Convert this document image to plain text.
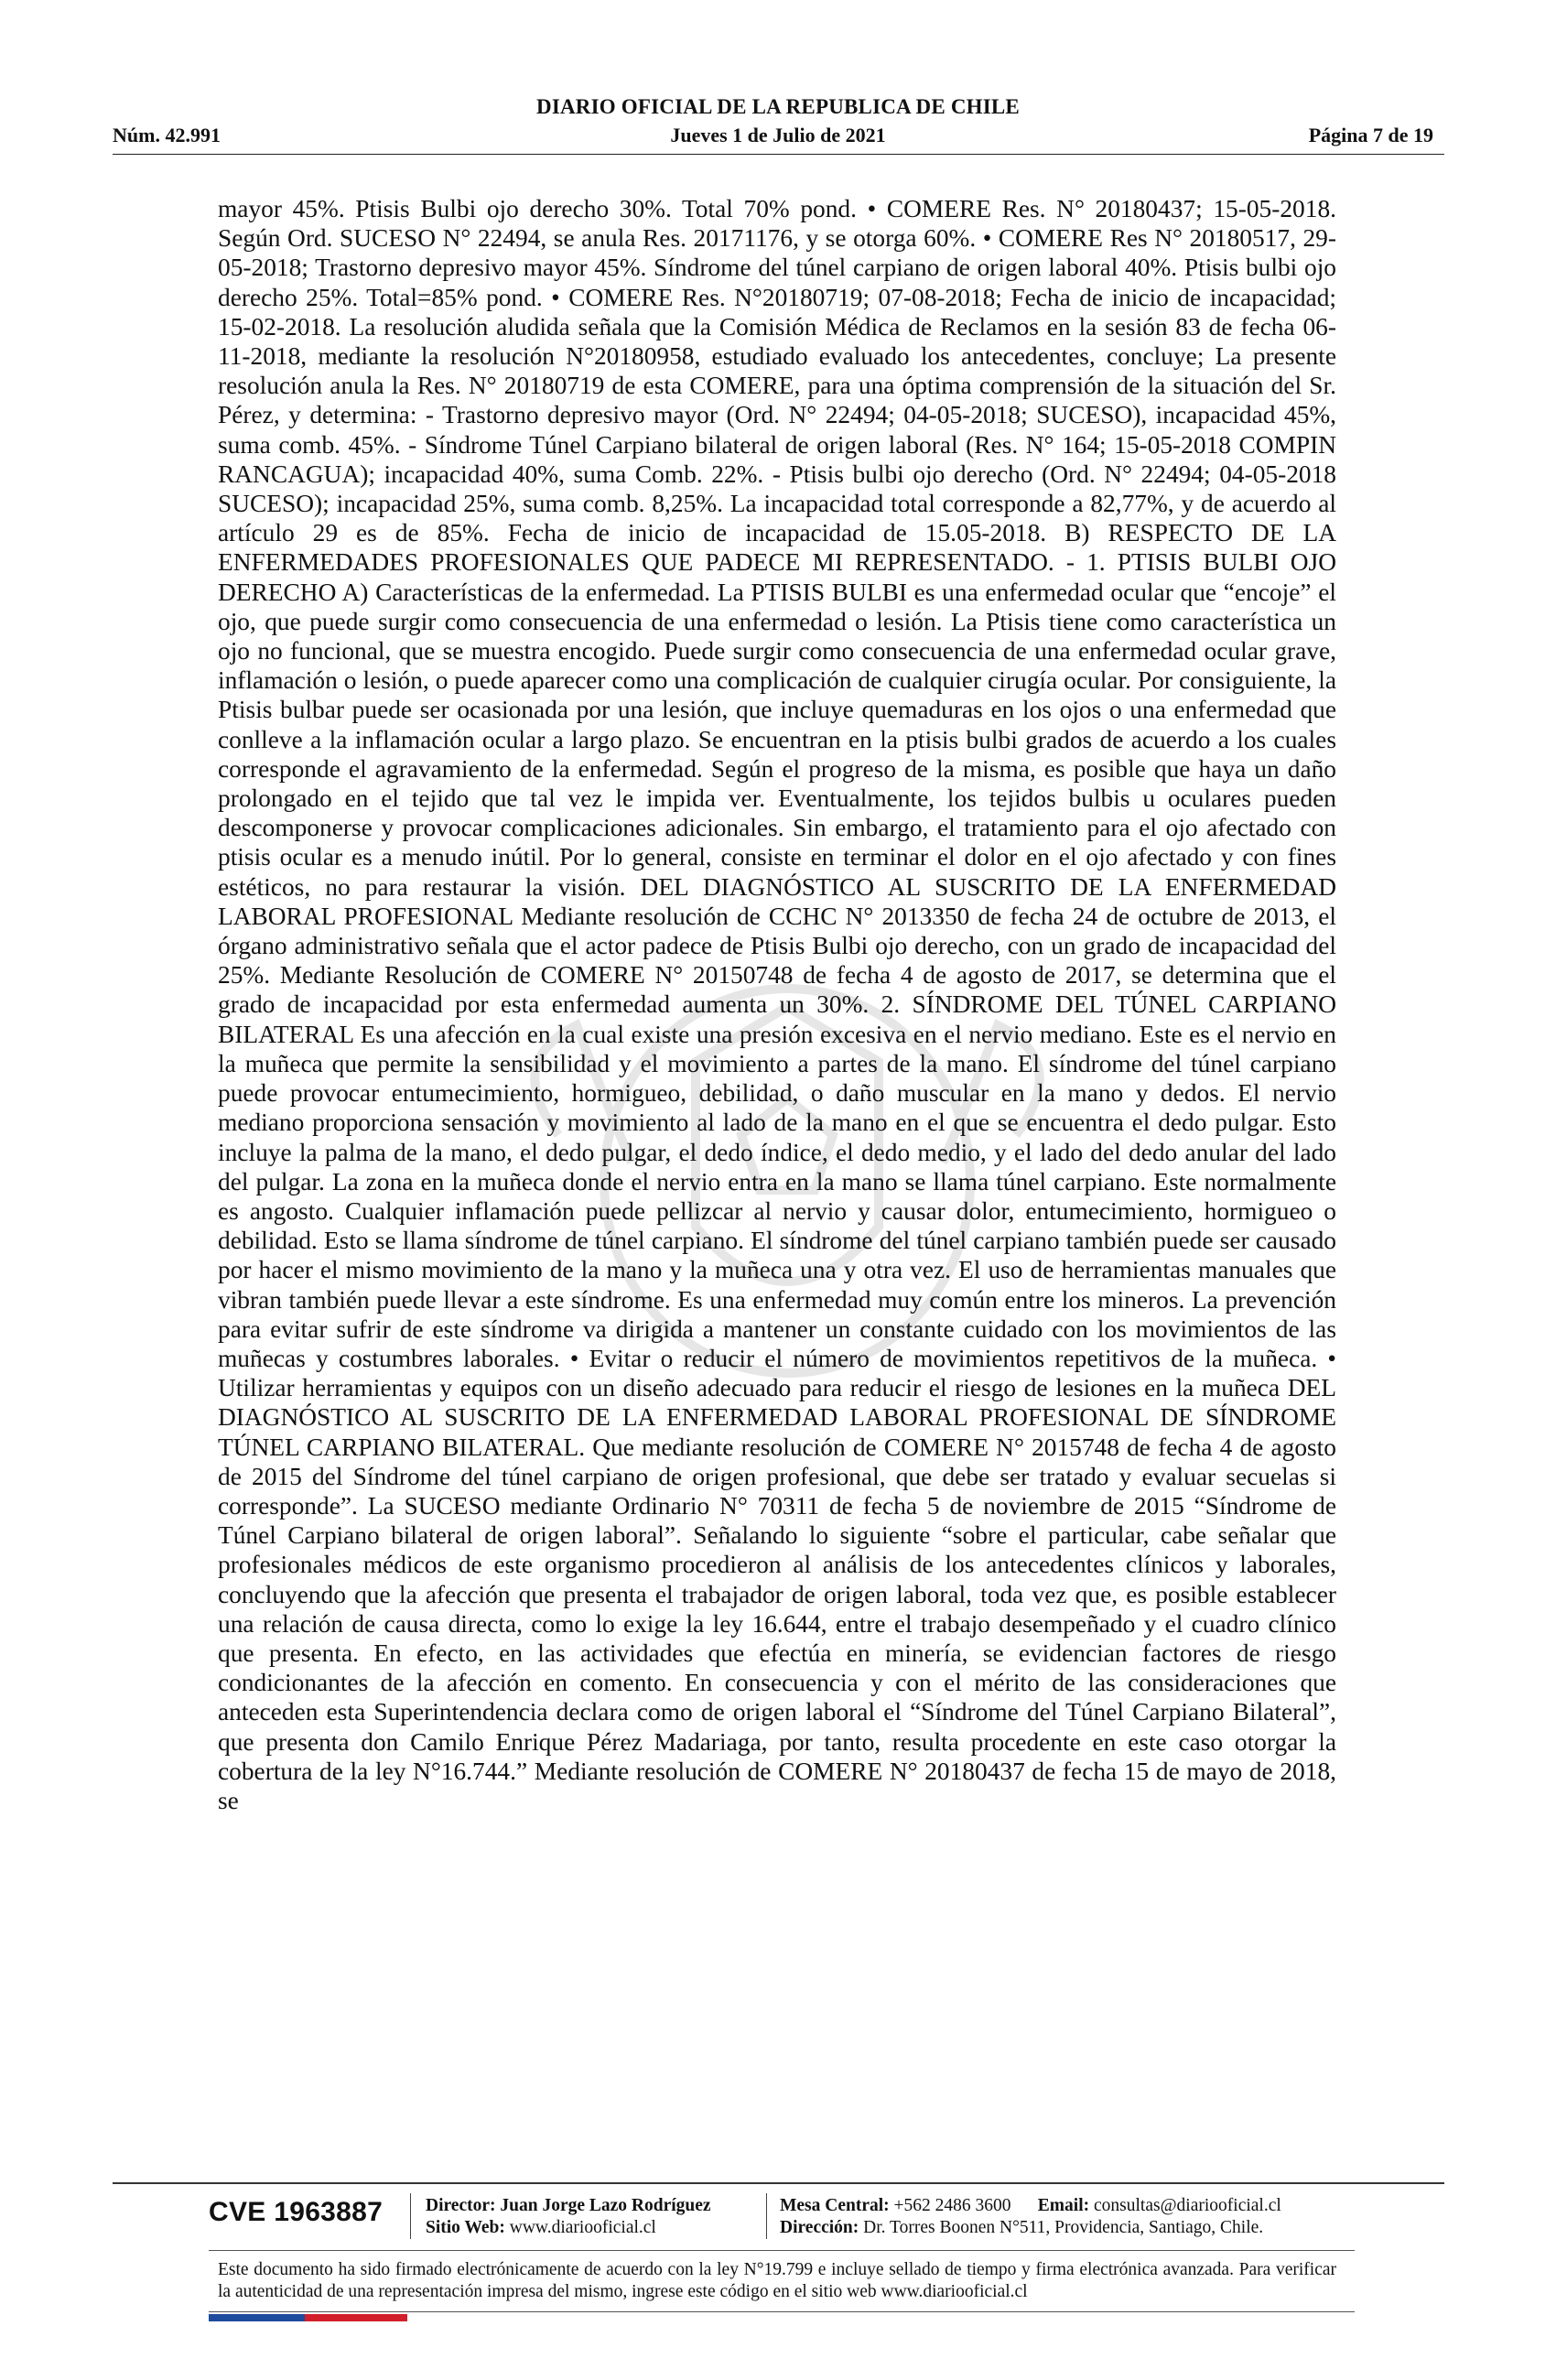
DIARIO OFICIAL DE LA REPUBLICA DE CHILE
Núm. 42.991	Jueves 1 de Julio de 2021	Página 7 de 19

mayor 45%. Ptisis Bulbi ojo derecho 30%. Total 70% pond. • COMERE Res. N° 20180437; 15-05-2018. Según Ord. SUCESO N° 22494, se anula Res. 20171176, y se otorga 60%. • COMERE Res N° 20180517, 29-05-2018; Trastorno depresivo mayor 45%. Síndrome del túnel carpiano de origen laboral 40%. Ptisis bulbi ojo derecho 25%. Total=85% pond. • COMERE Res. N°20180719; 07-08-2018; Fecha de inicio de incapacidad; 15-02-2018. La resolución aludida señala que la Comisión Médica de Reclamos en la sesión 83 de fecha 06-11-2018, mediante la resolución N°20180958, estudiado evaluado los antecedentes, concluye; La presente resolución anula la Res. N° 20180719 de esta COMERE, para una óptima comprensión de la situación del Sr. Pérez, y determina: - Trastorno depresivo mayor (Ord. N° 22494; 04-05-2018; SUCESO), incapacidad 45%, suma comb. 45%. - Síndrome Túnel Carpiano bilateral de origen laboral (Res. N° 164; 15-05-2018 COMPIN RANCAGUA); incapacidad 40%, suma Comb. 22%. - Ptisis bulbi ojo derecho (Ord. N° 22494; 04-05-2018 SUCESO); incapacidad 25%, suma comb. 8,25%. La incapacidad total corresponde a 82,77%, y de acuerdo al artículo 29 es de 85%. Fecha de inicio de incapacidad de 15.05-2018. B) RESPECTO DE LA ENFERMEDADES PROFESIONALES QUE PADECE MI REPRESENTADO. - 1. PTISIS BULBI OJO DERECHO A) Características de la enfermedad. La PTISIS BULBI es una enfermedad ocular que “encoje” el ojo, que puede surgir como consecuencia de una enfermedad o lesión. La Ptisis tiene como característica un ojo no funcional, que se muestra encogido. Puede surgir como consecuencia de una enfermedad ocular grave, inflamación o lesión, o puede aparecer como una complicación de cualquier cirugía ocular. Por consiguiente, la Ptisis bulbar puede ser ocasionada por una lesión, que incluye quemaduras en los ojos o una enfermedad que conlleve a la inflamación ocular a largo plazo. Se encuentran en la ptisis bulbi grados de acuerdo a los cuales corresponde el agravamiento de la enfermedad. Según el progreso de la misma, es posible que haya un daño prolongado en el tejido que tal vez le impida ver. Eventualmente, los tejidos bulbis u oculares pueden descomponerse y provocar complicaciones adicionales. Sin embargo, el tratamiento para el ojo afectado con ptisis ocular es a menudo inútil. Por lo general, consiste en terminar el dolor en el ojo afectado y con fines estéticos, no para restaurar la visión. DEL DIAGNÓSTICO AL SUSCRITO DE LA ENFERMEDAD LABORAL PROFESIONAL Mediante resolución de CCHC N° 2013350 de fecha 24 de octubre de 2013, el órgano administrativo señala que el actor padece de Ptisis Bulbi ojo derecho, con un grado de incapacidad del 25%. Mediante Resolución de COMERE N° 20150748 de fecha 4 de agosto de 2017, se determina que el grado de incapacidad por esta enfermedad aumenta un 30%. 2. SÍNDROME DEL TÚNEL CARPIANO BILATERAL Es una afección en la cual existe una presión excesiva en el nervio mediano. Este es el nervio en la muñeca que permite la sensibilidad y el movimiento a partes de la mano. El síndrome del túnel carpiano puede provocar entumecimiento, hormigueo, debilidad, o daño muscular en la mano y dedos. El nervio mediano proporciona sensación y movimiento al lado de la mano en el que se encuentra el dedo pulgar. Esto incluye la palma de la mano, el dedo pulgar, el dedo índice, el dedo medio, y el lado del dedo anular del lado del pulgar. La zona en la muñeca donde el nervio entra en la mano se llama túnel carpiano. Este normalmente es angosto. Cualquier inflamación puede pellizcar al nervio y causar dolor, entumecimiento, hormigueo o debilidad. Esto se llama síndrome de túnel carpiano. El síndrome del túnel carpiano también puede ser causado por hacer el mismo movimiento de la mano y la muñeca una y otra vez. El uso de herramientas manuales que vibran también puede llevar a este síndrome. Es una enfermedad muy común entre los mineros. La prevención para evitar sufrir de este síndrome va dirigida a mantener un constante cuidado con los movimientos de las muñecas y costumbres laborales. • Evitar o reducir el número de movimientos repetitivos de la muñeca. • Utilizar herramientas y equipos con un diseño adecuado para reducir el riesgo de lesiones en la muñeca DEL DIAGNÓSTICO AL SUSCRITO DE LA ENFERMEDAD LABORAL PROFESIONAL DE SÍNDROME TÚNEL CARPIANO BILATERAL. Que mediante resolución de COMERE N° 2015748 de fecha 4 de agosto de 2015 del Síndrome del túnel carpiano de origen profesional, que debe ser tratado y evaluar secuelas si corresponde”. La SUCESO mediante Ordinario N° 70311 de fecha 5 de noviembre de 2015 “Síndrome de Túnel Carpiano bilateral de origen laboral”. Señalando lo siguiente “sobre el particular, cabe señalar que profesionales médicos de este organismo procedieron al análisis de los antecedentes clínicos y laborales, concluyendo que la afección que presenta el trabajador de origen laboral, toda vez que, es posible establecer una relación de causa directa, como lo exige la ley 16.644, entre el trabajo desempeñado y el cuadro clínico que presenta. En efecto, en las actividades que efectúa en minería, se evidencian factores de riesgo condicionantes de la afección en comento. En consecuencia y con el mérito de las consideraciones que anteceden esta Superintendencia declara como de origen laboral el “Síndrome del Túnel Carpiano Bilateral”, que presenta don Camilo Enrique Pérez Madariaga, por tanto, resulta procedente en este caso otorgar la cobertura de la ley N°16.744.” Mediante resolución de COMERE N° 20180437 de fecha 15 de mayo de 2018, se

CVE 1963887 Director: Juan Jorge Lazo Rodríguez
Sitio Web: www.diariooficial.cl
Mesa Central: +562 2486 3600 Email: consultas@diariooficial.cl
Dirección: Dr. Torres Boonen N°511, Providencia, Santiago, Chile.

Este documento ha sido firmado electrónicamente de acuerdo con la ley N°19.799 e incluye sellado de tiempo y firma electrónica avanzada. Para verificar la autenticidad de una representación impresa del mismo, ingrese este código en el sitio web www.diariooficial.cl
